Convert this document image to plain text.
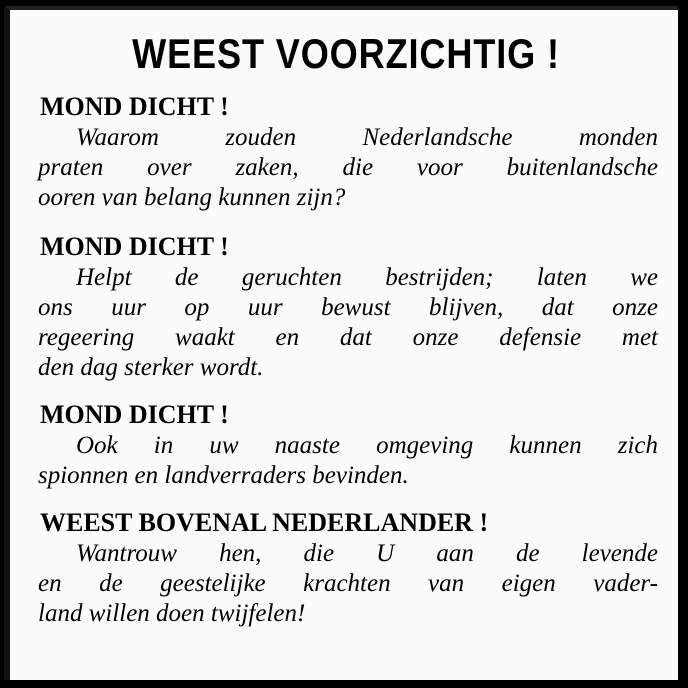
WEEST VOORZICHTIG !
MOND DICHT !
Waarom zouden Nederlandsche monden
praten over zaken, die voor buitenlandsche
ooren van belang kunnen zijn?
MOND DICHT !
Helpt de geruchten bestrijden; laten we
ons uur op uur bewust blijven, dat onze
regeering waakt en dat onze defensie met
den dag sterker wordt.
MOND DICHT !
Ook in uw naaste omgeving kunnen zich
spionnen en landverraders bevinden.
WEEST BOVENAL NEDERLANDER !
Wantrouw hen, die U aan de levende
en de geestelijke krachten van eigen vader-
land willen doen twijfelen!
